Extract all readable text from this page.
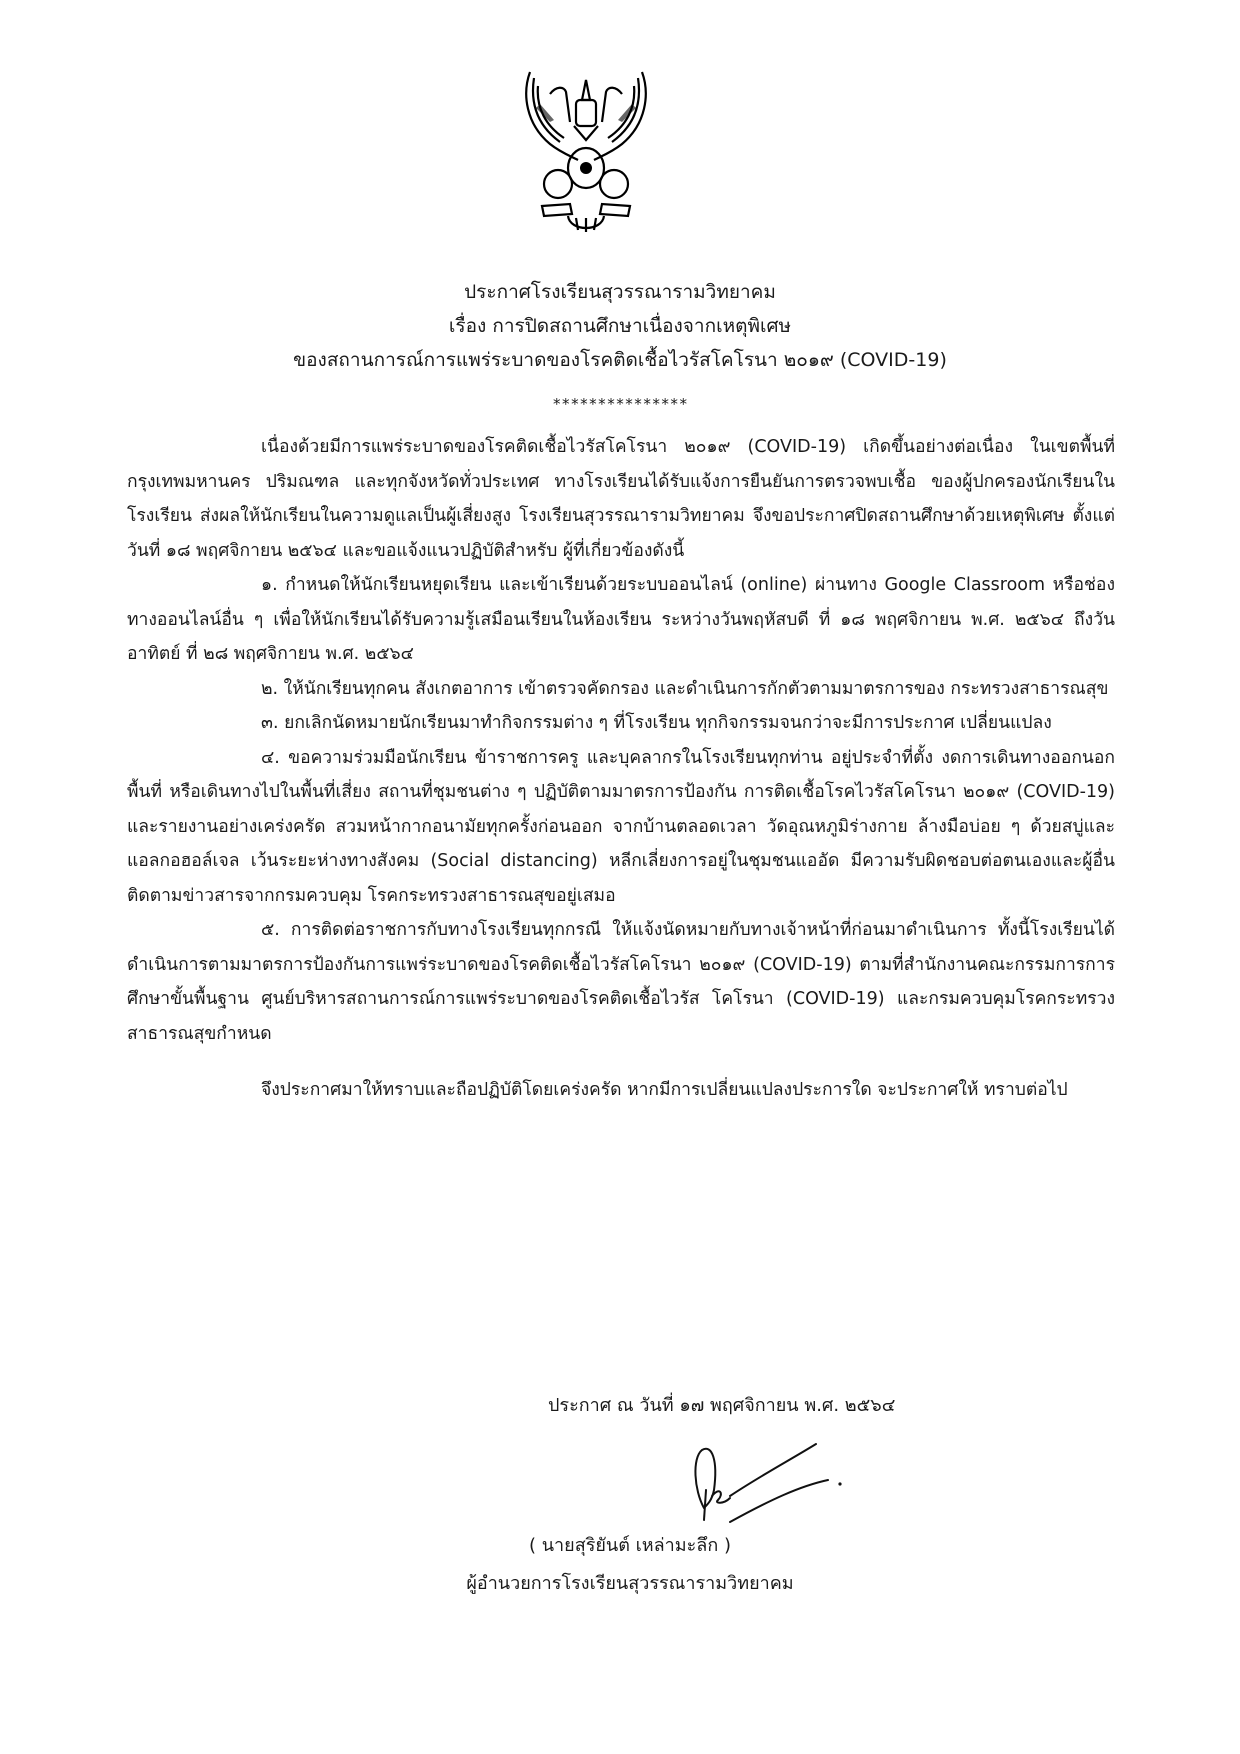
ประกาศโรงเรียนสุวรรณารามวิทยาคม
เรื่อง การปิดสถานศึกษาเนื่องจากเหตุพิเศษ
ของสถานการณ์การแพร่ระบาดของโรคติดเชื้อไวรัสโคโรนา ๒๐๑๙ (COVID-19)
***************

เนื่องด้วยมีการแพร่ระบาดของโรคติดเชื้อไวรัสโคโรนา ๒๐๑๙ (COVID-19) เกิดขึ้นอย่างต่อเนื่อง ในเขตพื้นที่กรุงเทพมหานคร ปริมณฑล และทุกจังหวัดทั่วประเทศ ทางโรงเรียนได้รับแจ้งการยืนยันการตรวจพบเชื้อ ของผู้ปกครองนักเรียนในโรงเรียน ส่งผลให้นักเรียนในความดูแลเป็นผู้เสี่ยงสูง โรงเรียนสุวรรณารามวิทยาคม จึงขอประกาศปิดสถานศึกษาด้วยเหตุพิเศษ ตั้งแต่วันที่ ๑๘ พฤศจิกายน ๒๕๖๔ และขอแจ้งแนวปฏิบัติสำหรับ ผู้ที่เกี่ยวข้องดังนี้

๑. กำหนดให้นักเรียนหยุดเรียน และเข้าเรียนด้วยระบบออนไลน์ (online) ผ่านทาง Google Classroom หรือช่องทางออนไลน์อื่น ๆ เพื่อให้นักเรียนได้รับความรู้เสมือนเรียนในห้องเรียน ระหว่างวันพฤหัสบดี ที่ ๑๘ พฤศจิกายน พ.ศ. ๒๕๖๔ ถึงวันอาทิตย์ ที่ ๒๘ พฤศจิกายน พ.ศ. ๒๕๖๔

๒. ให้นักเรียนทุกคน สังเกตอาการ เข้าตรวจคัดกรอง และดำเนินการกักตัวตามมาตรการของ กระทรวงสาธารณสุข

๓. ยกเลิกนัดหมายนักเรียนมาทำกิจกรรมต่าง ๆ ที่โรงเรียน ทุกกิจกรรมจนกว่าจะมีการประกาศ เปลี่ยนแปลง

๔. ขอความร่วมมือนักเรียน ข้าราชการครู และบุคลากรในโรงเรียนทุกท่าน อยู่ประจำที่ตั้ง งดการเดินทางออกนอกพื้นที่ หรือเดินทางไปในพื้นที่เสี่ยง สถานที่ชุมชนต่าง ๆ ปฏิบัติตามมาตรการป้องกัน การติดเชื้อโรคไวรัสโคโรนา ๒๐๑๙ (COVID-19) และรายงานอย่างเคร่งครัด สวมหน้ากากอนามัยทุกครั้งก่อนออก จากบ้านตลอดเวลา วัดอุณหภูมิร่างกาย ล้างมือบ่อย ๆ ด้วยสบู่และแอลกอฮอล์เจล เว้นระยะห่างทางสังคม (Social distancing) หลีกเลี่ยงการอยู่ในชุมชนแออัด มีความรับผิดชอบต่อตนเองและผู้อื่น ติดตามข่าวสารจากกรมควบคุม โรคกระทรวงสาธารณสุขอยู่เสมอ

๕. การติดต่อราชการกับทางโรงเรียนทุกกรณี ให้แจ้งนัดหมายกับทางเจ้าหน้าที่ก่อนมาดำเนินการ ทั้งนี้โรงเรียนได้ดำเนินการตามมาตรการป้องกันการแพร่ระบาดของโรคติดเชื้อไวรัสโคโรนา ๒๐๑๙ (COVID-19) ตามที่สำนักงานคณะกรรมการการศึกษาขั้นพื้นฐาน ศูนย์บริหารสถานการณ์การแพร่ระบาดของโรคติดเชื้อไวรัส โคโรนา (COVID-19) และกรมควบคุมโรคกระทรวงสาธารณสุขกำหนด

จึงประกาศมาให้ทราบและถือปฏิบัติโดยเคร่งครัด หากมีการเปลี่ยนแปลงประการใด จะประกาศให้ ทราบต่อไป

ประกาศ ณ วันที่ ๑๗ พฤศจิกายน พ.ศ. ๒๕๖๔
( นายสุริยันต์ เหล่ามะลึก )
ผู้อำนวยการโรงเรียนสุวรรณารามวิทยาคม
